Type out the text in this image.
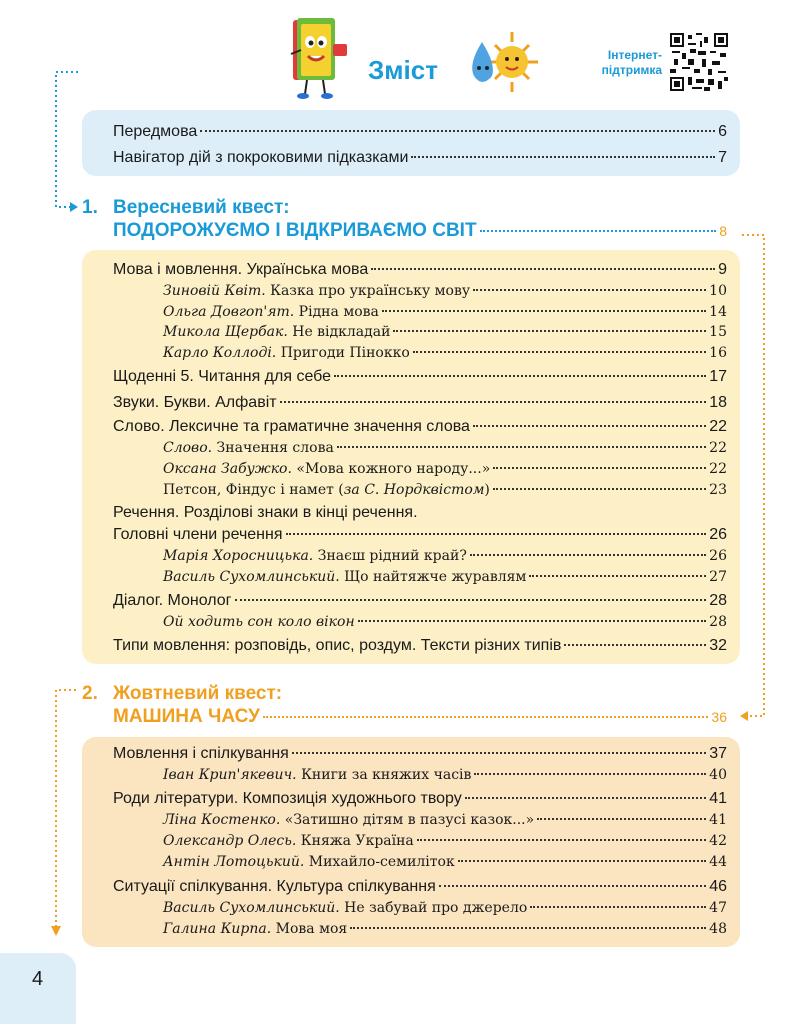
Зміст	Інтернет-
підтримка
Передмова	6
Навігатор дій з покроковими підказками	7
1. Вересневий квест:
ПОДОРОЖУЄМО І ВІДКРИВАЄМО СВІТ	8
Мова і мовлення. Українська мова	9
Зиновій Квіт. Казка про українську мову	10
Ольга Довгоп'ят. Рідна мова	14
Микола Щербак. Не відкладай	15
Карло Коллоді. Пригоди Пінокко	16
Щоденні 5. Читання для себе	17
Звуки. Букви. Алфавіт	18
Слово. Лексичне та граматичне значення слова	22
Слово. Значення слова	22
Оксана Забужко. «Мова кожного народу...»	22
Петсон, Фіндус і намет (за С. Нордквістом)	23
Речення. Розділові знаки в кінці речення.
Головні члени речення	26
Марія Хоросницька. Знаєш рідний край?	26
Василь Сухомлинський. Що найтяжче журавлям	27
Діалог. Монолог	28
Ой ходить сон коло вікон	28
Типи мовлення: розповідь, опис, роздум. Тексти різних типів	32
2. Жовтневий квест:
МАШИНА ЧАСУ	36
Мовлення і спілкування	37
Іван Крип'якевич. Книги за княжих часів	40
Роди літератури. Композиція художнього твору	41
Ліна Костенко. «Затишно дітям в пазусі казок...»	41
Олександр Олесь. Княжа Україна	42
Антін Лотоцький. Михайло-семиліток	44
Ситуації спілкування. Культура спілкування	46
Василь Сухомлинський. Не забувай про джерело	47
Галина Кирпа. Мова моя	48
4
